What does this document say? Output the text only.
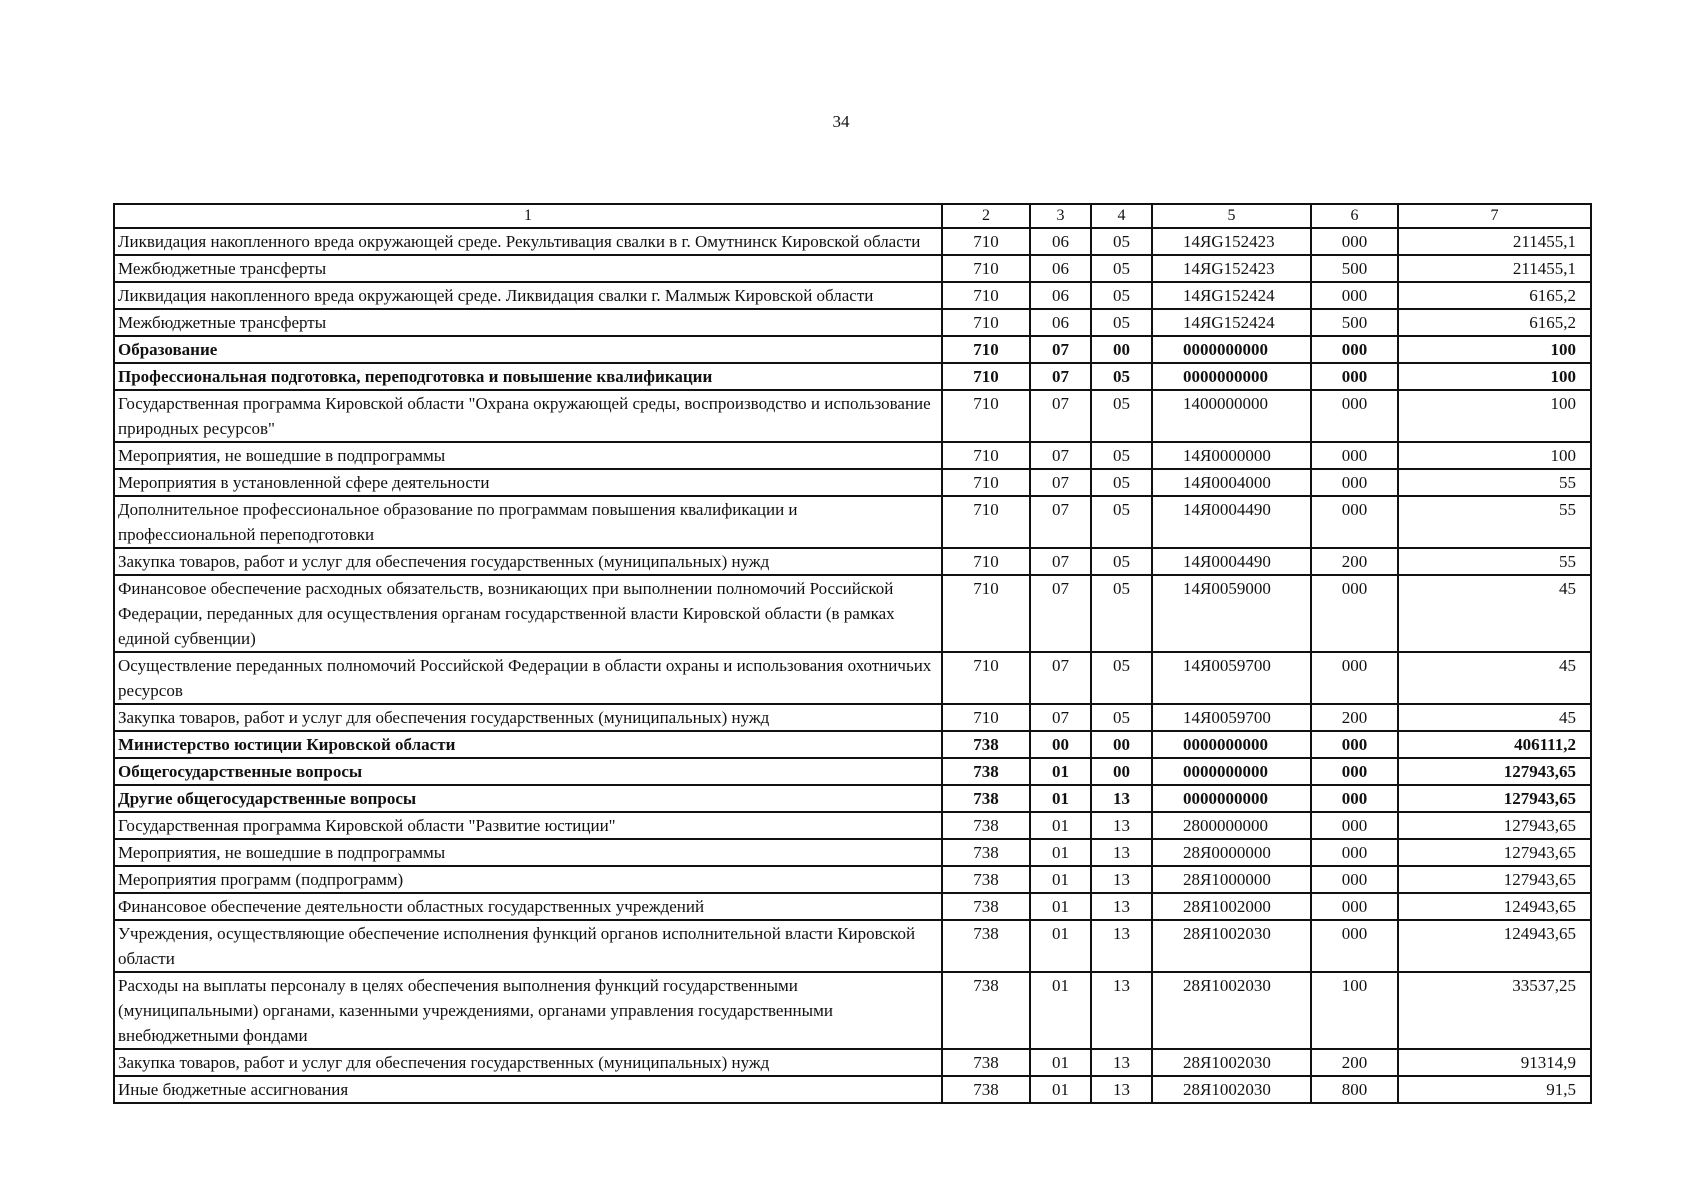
34
1	2	3	4	5	6	7
Ликвидация накопленного вреда окружающей среде. Рекультивация свалки в г. Омутнинск Кировской области	710	06	05	14ЯG152423	000	211455,1
Межбюджетные трансферты	710	06	05	14ЯG152423	500	211455,1
Ликвидация накопленного вреда окружающей среде. Ликвидация свалки г. Малмыж Кировской области	710	06	05	14ЯG152424	000	6165,2
Межбюджетные трансферты	710	06	05	14ЯG152424	500	6165,2
Образование	710	07	00	0000000000	000	100
Профессиональная подготовка, переподготовка и повышение квалификации	710	07	05	0000000000	000	100
Государственная программа Кировской области "Охрана окружающей среды, воспроизводство и использование природных ресурсов"	710	07	05	1400000000	000	100
Мероприятия, не вошедшие в подпрограммы	710	07	05	14Я0000000	000	100
Мероприятия в установленной сфере деятельности	710	07	05	14Я0004000	000	55
Дополнительное профессиональное образование по программам повышения квалификации и профессиональной переподготовки	710	07	05	14Я0004490	000	55
Закупка товаров, работ и услуг для обеспечения государственных (муниципальных) нужд	710	07	05	14Я0004490	200	55
Финансовое обеспечение расходных обязательств, возникающих при выполнении полномочий Российской Федерации, переданных для осуществления органам государственной власти Кировской области (в рамках единой субвенции)	710	07	05	14Я0059000	000	45
Осуществление переданных полномочий Российской Федерации в области охраны и использования охотничьих ресурсов	710	07	05	14Я0059700	000	45
Закупка товаров, работ и услуг для обеспечения государственных (муниципальных) нужд	710	07	05	14Я0059700	200	45
Министерство юстиции Кировской области	738	00	00	0000000000	000	406111,2
Общегосударственные вопросы	738	01	00	0000000000	000	127943,65
Другие общегосударственные вопросы	738	01	13	0000000000	000	127943,65
Государственная программа Кировской области "Развитие юстиции"	738	01	13	2800000000	000	127943,65
Мероприятия, не вошедшие в подпрограммы	738	01	13	28Я0000000	000	127943,65
Мероприятия программ (подпрограмм)	738	01	13	28Я1000000	000	127943,65
Финансовое обеспечение деятельности областных государственных учреждений	738	01	13	28Я1002000	000	124943,65
Учреждения, осуществляющие обеспечение исполнения функций органов исполнительной власти Кировской области	738	01	13	28Я1002030	000	124943,65
Расходы на выплаты персоналу в целях обеспечения выполнения функций государственными (муниципальными) органами, казенными учреждениями, органами управления государственными внебюджетными фондами	738	01	13	28Я1002030	100	33537,25
Закупка товаров, работ и услуг для обеспечения государственных (муниципальных) нужд	738	01	13	28Я1002030	200	91314,9
Иные бюджетные ассигнования	738	01	13	28Я1002030	800	91,5
